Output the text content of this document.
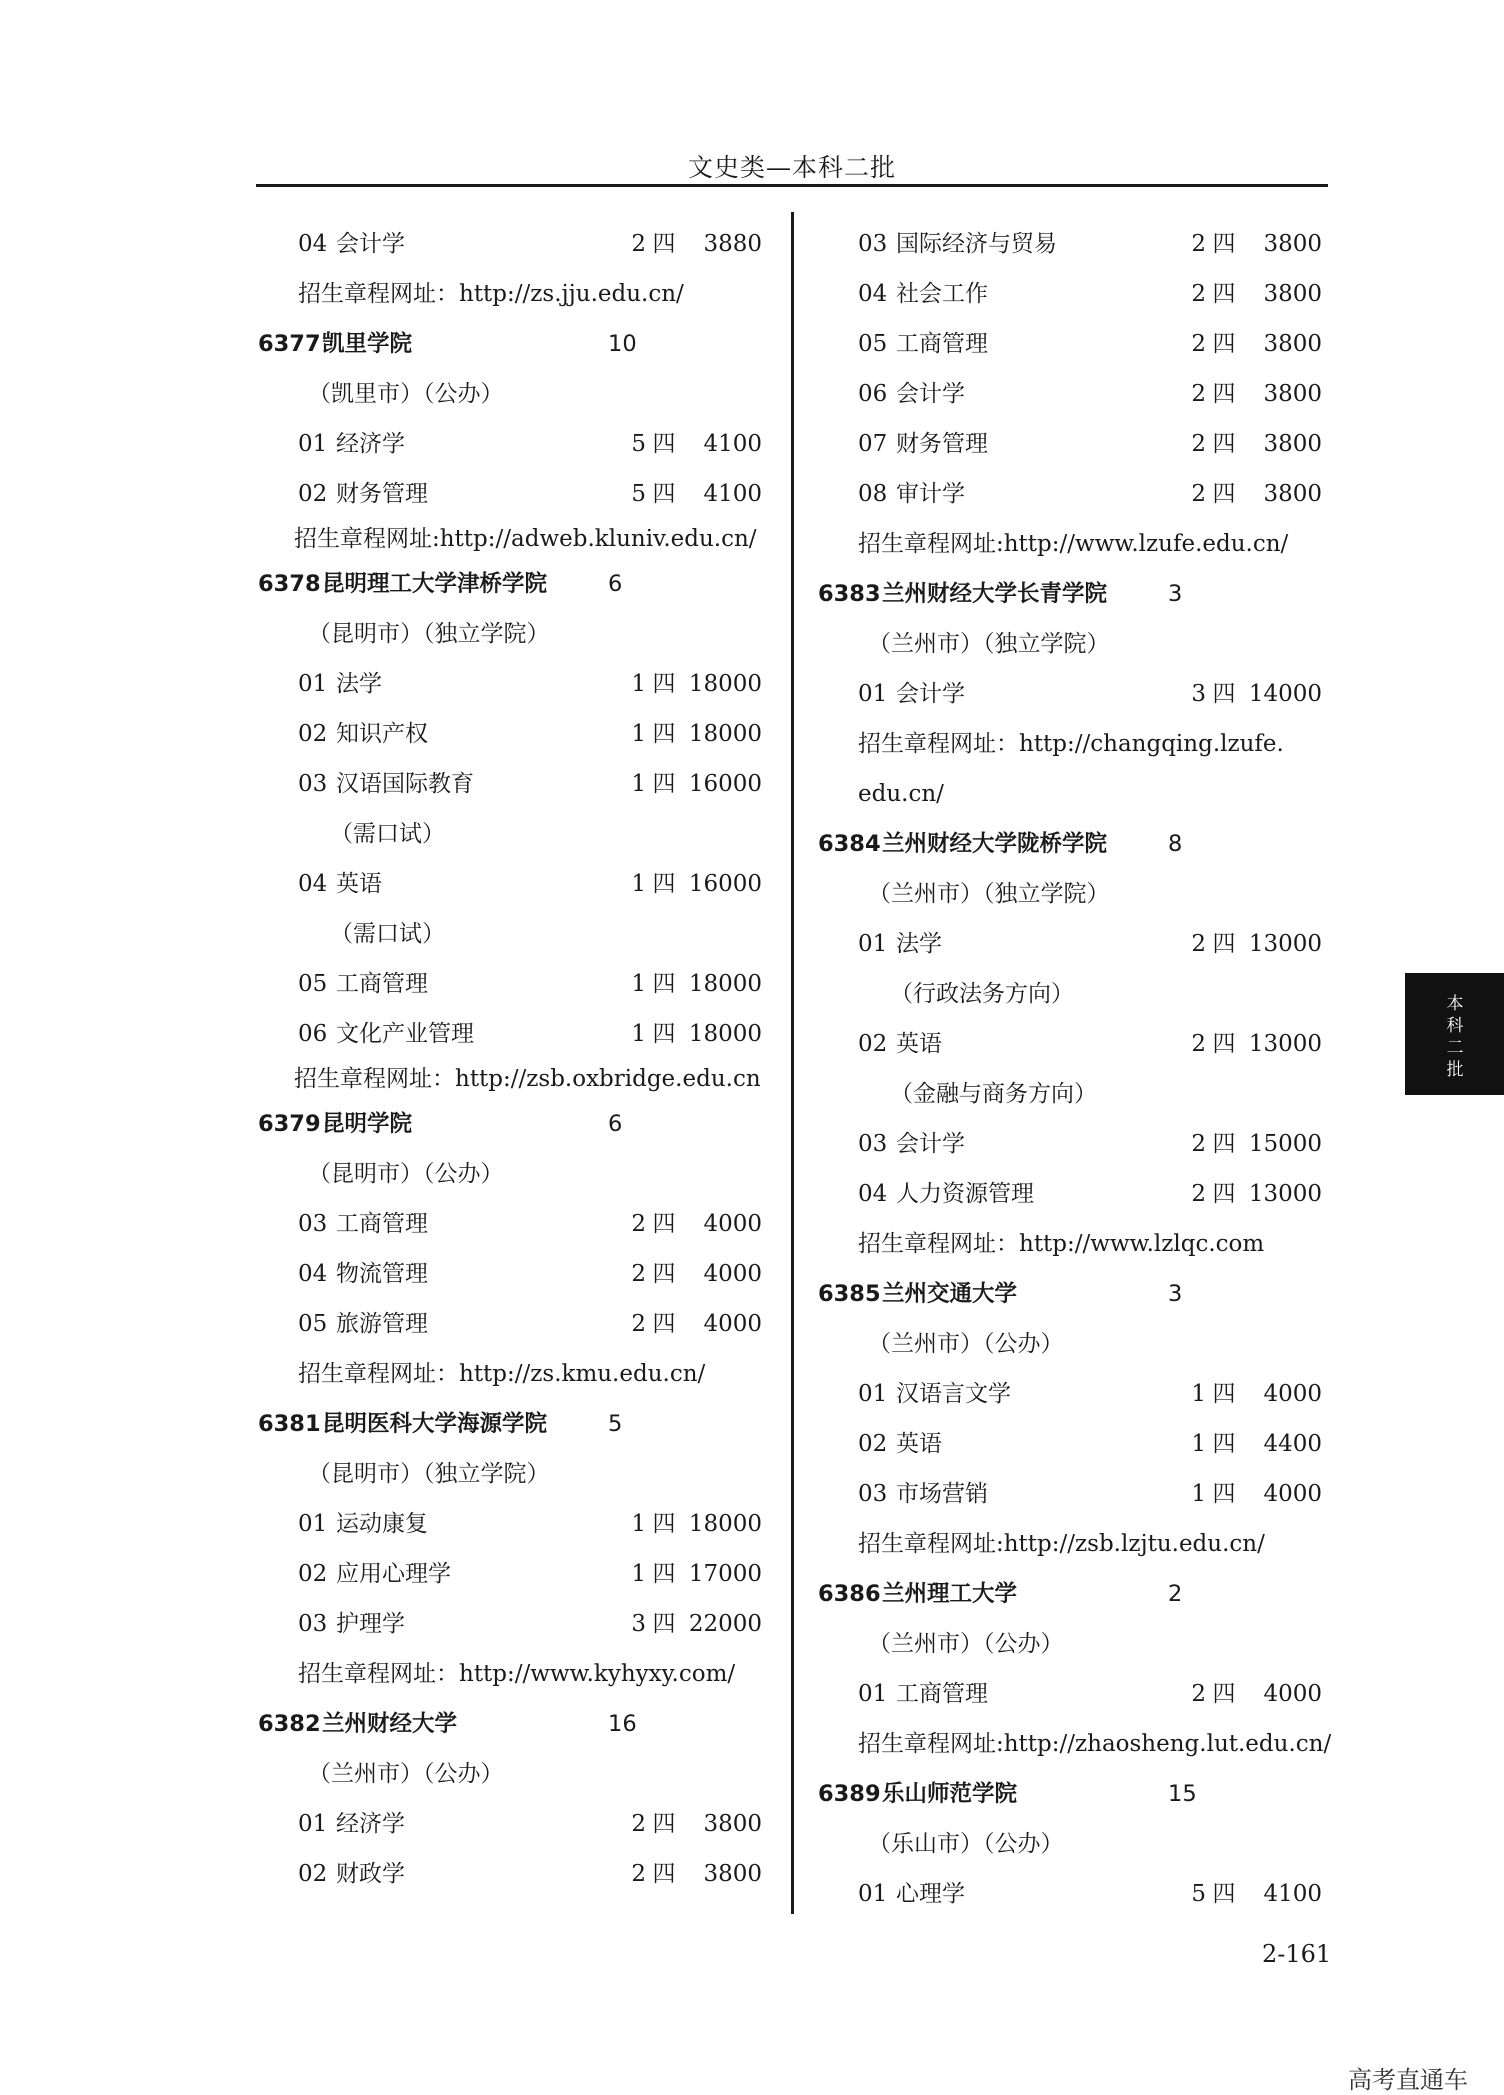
文史类—本科二批
04 会计学	2 四	3880
招生章程网址：http://zs.jju.edu.cn/
6377 凯里学院	10
（凯里市）（公办）
01 经济学	5 四	4100
02 财务管理	5 四	4100
招生章程网址:http://adweb.kluniv.edu.cn/
6378 昆明理工大学津桥学院	6
（昆明市）（独立学院）
01 法学	1 四 18000
02 知识产权	1 四 18000
03 汉语国际教育	1 四 16000
（需口试）
04 英语	1 四 16000
（需口试）
05 工商管理	1 四 18000
06 文化产业管理	1 四 18000
招生章程网址：http://zsb.oxbridge.edu.cn
6379 昆明学院	6
（昆明市）（公办）
03 工商管理	2 四	4000
04 物流管理	2 四	4000
05 旅游管理	2 四	4000
招生章程网址：http://zs.kmu.edu.cn/
6381 昆明医科大学海源学院	5
（昆明市）（独立学院）
01 运动康复	1 四 18000
02 应用心理学	1 四 17000
03 护理学	3 四 22000
招生章程网址：http://www.kyhyxy.com/
6382 兰州财经大学	16
（兰州市）（公办）
01 经济学	2 四	3800
02 财政学	2 四	3800
03 国际经济与贸易	2 四	3800
04 社会工作	2 四	3800
05 工商管理	2 四	3800
06 会计学	2 四	3800
07 财务管理	2 四	3800
08 审计学	2 四	3800
招生章程网址:http://www.lzufe.edu.cn/
6383 兰州财经大学长青学院	3
（兰州市）（独立学院）
01 会计学	3 四 14000
招生章程网址：http://changqing.lzufe.
edu.cn/
6384 兰州财经大学陇桥学院	8
（兰州市）（独立学院）
01 法学	2 四 13000
（行政法务方向）
02 英语	2 四 13000
（金融与商务方向）
03 会计学	2 四 15000
04 人力资源管理	2 四 13000
招生章程网址：http://www.lzlqc.com
6385 兰州交通大学	3
（兰州市）（公办）
01 汉语言文学	1 四	4000
02 英语	1 四	4400
03 市场营销	1 四	4000
招生章程网址:http://zsb.lzjtu.edu.cn/
6386 兰州理工大学	2
（兰州市）（公办）
01 工商管理	2 四	4000
招生章程网址:http://zhaosheng.lut.edu.cn/
6389 乐山师范学院	15
（乐山市）（公办）
01 心理学	5 四	4100
本科二批
2-161
高考直通车
